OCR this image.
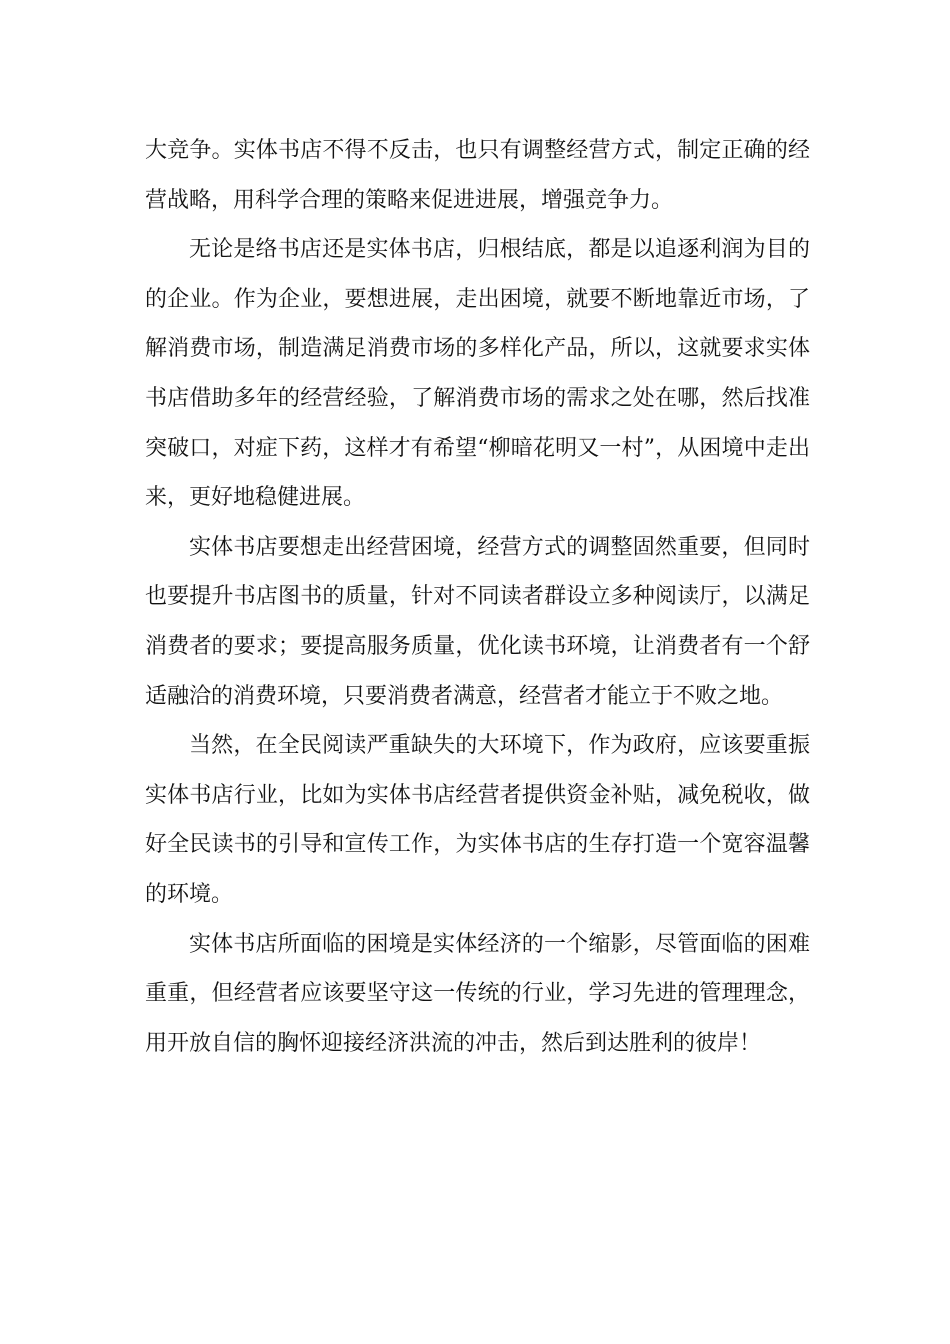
大竞争。实体书店不得不反击，也只有调整经营方式，制定正确的经营战略，用科学合理的策略来促进进展，增强竞争力。

无论是络书店还是实体书店，归根结底，都是以追逐利润为目的的企业。作为企业，要想进展，走出困境，就要不断地靠近市场，了解消费市场，制造满足消费市场的多样化产品，所以，这就要求实体书店借助多年的经营经验，了解消费市场的需求之处在哪，然后找准突破口，对症下药，这样才有希望“柳暗花明又一村”，从困境中走出来，更好地稳健进展。

实体书店要想走出经营困境，经营方式的调整固然重要，但同时也要提升书店图书的质量，针对不同读者群设立多种阅读厅，以满足消费者的要求；要提高服务质量，优化读书环境，让消费者有一个舒适融洽的消费环境，只要消费者满意，经营者才能立于不败之地。

当然，在全民阅读严重缺失的大环境下，作为政府，应该要重振实体书店行业，比如为实体书店经营者提供资金补贴，减免税收，做好全民读书的引导和宣传工作，为实体书店的生存打造一个宽容温馨的环境。

实体书店所面临的困境是实体经济的一个缩影，尽管面临的困难重重，但经营者应该要坚守这一传统的行业，学习先进的管理理念，用开放自信的胸怀迎接经济洪流的冲击，然后到达胜利的彼岸！
